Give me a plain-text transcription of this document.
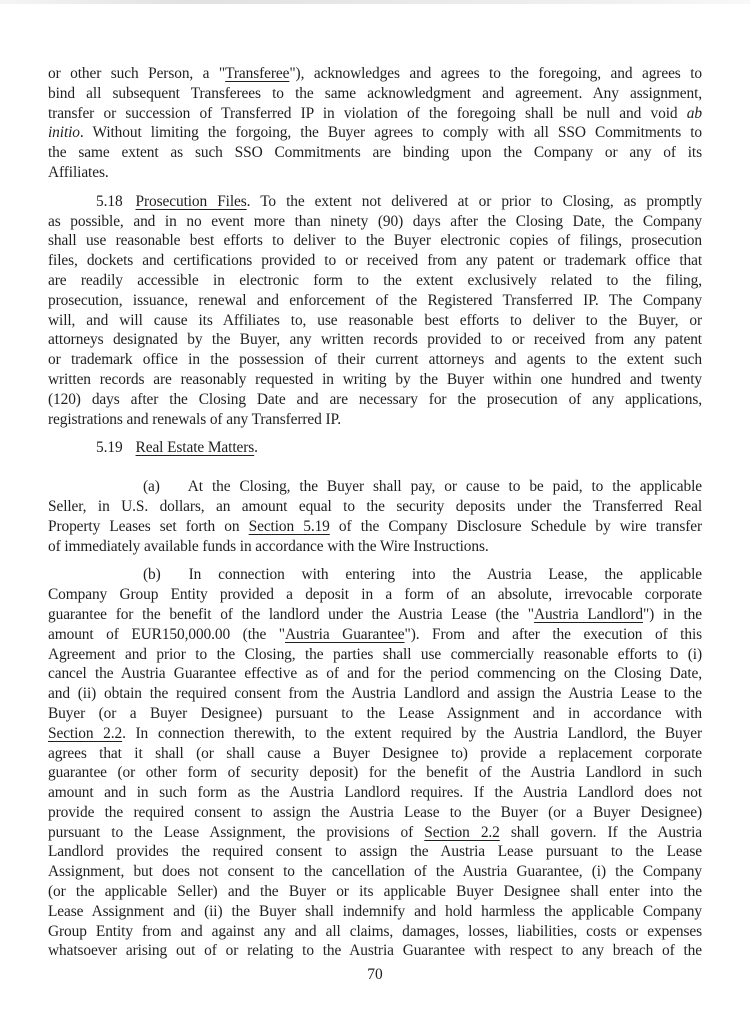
or other such Person, a "Transferee"), acknowledges and agrees to the foregoing, and agrees to
bind all subsequent Transferees to the same acknowledgment and agreement. Any assignment,
transfer or succession of Transferred IP in violation of the foregoing shall be null and void ab
initio. Without limiting the forgoing, the Buyer agrees to comply with all SSO Commitments to
the same extent as such SSO Commitments are binding upon the Company or any of its
Affiliates.
5.18 Prosecution Files. To the extent not delivered at or prior to Closing, as promptly
as possible, and in no event more than ninety (90) days after the Closing Date, the Company
shall use reasonable best efforts to deliver to the Buyer electronic copies of filings, prosecution
files, dockets and certifications provided to or received from any patent or trademark office that
are readily accessible in electronic form to the extent exclusively related to the filing,
prosecution, issuance, renewal and enforcement of the Registered Transferred IP. The Company
will, and will cause its Affiliates to, use reasonable best efforts to deliver to the Buyer, or
attorneys designated by the Buyer, any written records provided to or received from any patent
or trademark office in the possession of their current attorneys and agents to the extent such
written records are reasonably requested in writing by the Buyer within one hundred and twenty
(120) days after the Closing Date and are necessary for the prosecution of any applications,
registrations and renewals of any Transferred IP.
5.19 Real Estate Matters.
(a) At the Closing, the Buyer shall pay, or cause to be paid, to the applicable
Seller, in U.S. dollars, an amount equal to the security deposits under the Transferred Real
Property Leases set forth on Section 5.19 of the Company Disclosure Schedule by wire transfer
of immediately available funds in accordance with the Wire Instructions.
(b) In connection with entering into the Austria Lease, the applicable
Company Group Entity provided a deposit in a form of an absolute, irrevocable corporate
guarantee for the benefit of the landlord under the Austria Lease (the "Austria Landlord") in the
amount of EUR150,000.00 (the "Austria Guarantee"). From and after the execution of this
Agreement and prior to the Closing, the parties shall use commercially reasonable efforts to (i)
cancel the Austria Guarantee effective as of and for the period commencing on the Closing Date,
and (ii) obtain the required consent from the Austria Landlord and assign the Austria Lease to the
Buyer (or a Buyer Designee) pursuant to the Lease Assignment and in accordance with
Section 2.2. In connection therewith, to the extent required by the Austria Landlord, the Buyer
agrees that it shall (or shall cause a Buyer Designee to) provide a replacement corporate
guarantee (or other form of security deposit) for the benefit of the Austria Landlord in such
amount and in such form as the Austria Landlord requires. If the Austria Landlord does not
provide the required consent to assign the Austria Lease to the Buyer (or a Buyer Designee)
pursuant to the Lease Assignment, the provisions of Section 2.2 shall govern. If the Austria
Landlord provides the required consent to assign the Austria Lease pursuant to the Lease
Assignment, but does not consent to the cancellation of the Austria Guarantee, (i) the Company
(or the applicable Seller) and the Buyer or its applicable Buyer Designee shall enter into the
Lease Assignment and (ii) the Buyer shall indemnify and hold harmless the applicable Company
Group Entity from and against any and all claims, damages, losses, liabilities, costs or expenses
whatsoever arising out of or relating to the Austria Guarantee with respect to any breach of the
70
